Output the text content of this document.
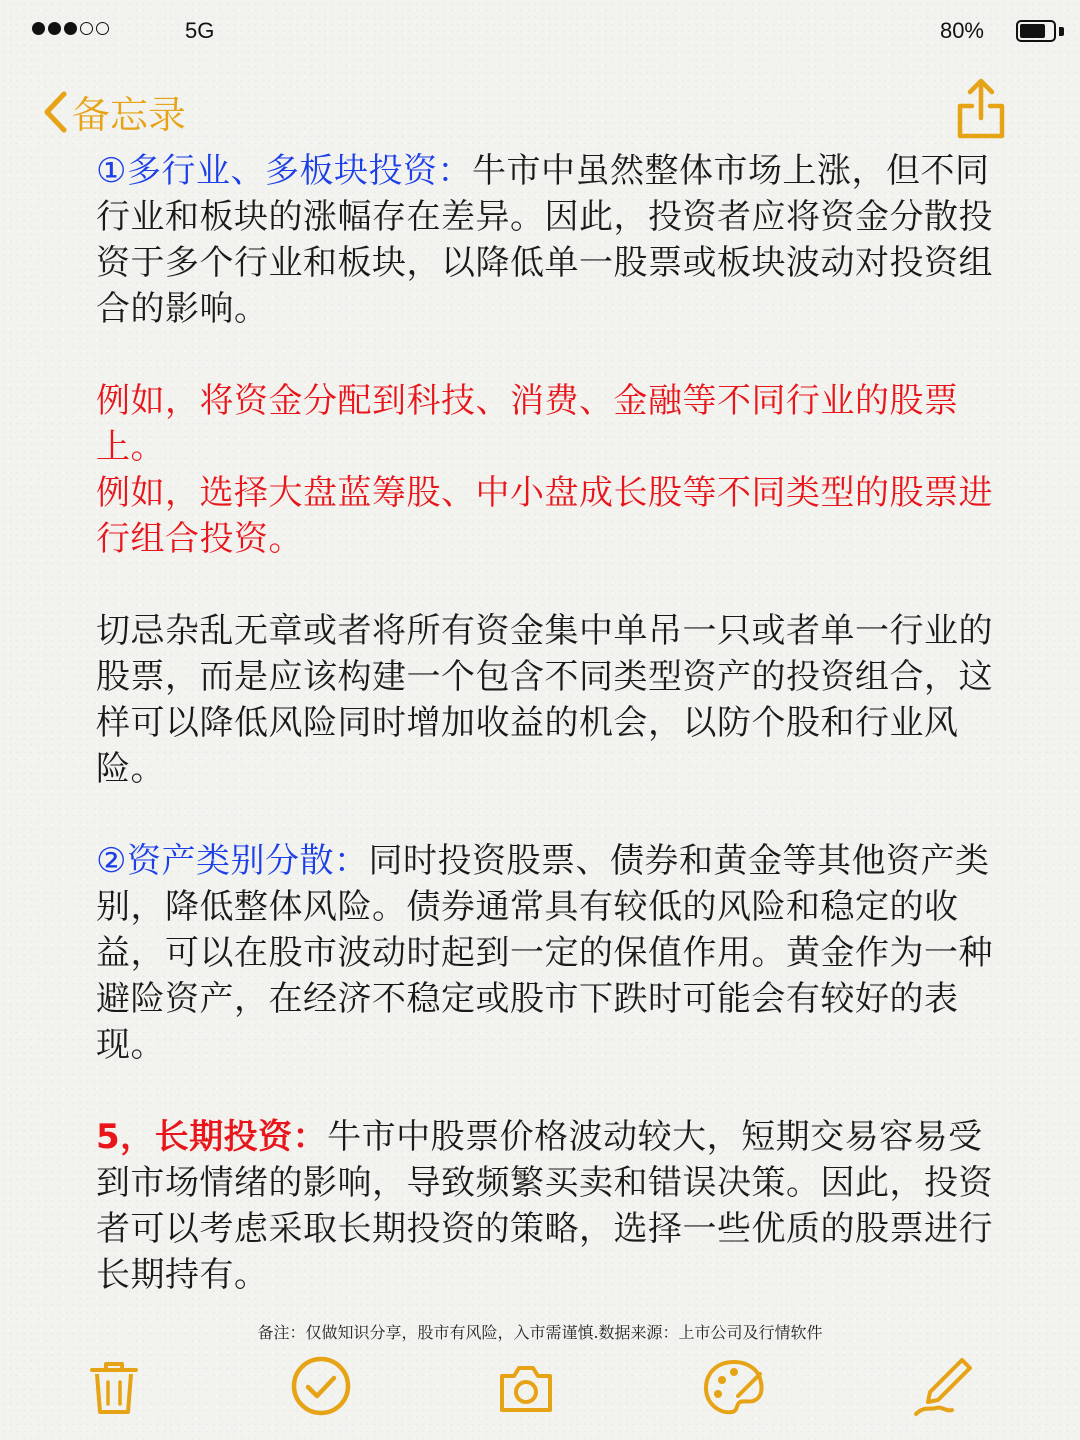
5G	80%
备忘录

①多行业、多板块投资：牛市中虽然整体市场上涨，但不同行业和板块的涨幅存在差异。因此，投资者应将资金分散投资于多个行业和板块，以降低单一股票或板块波动对投资组合的影响。

例如，将资金分配到科技、消费、金融等不同行业的股票上。

例如，选择大盘蓝筹股、中小盘成长股等不同类型的股票进行组合投资。

切忌杂乱无章或者将所有资金集中单吊一只或者单一行业的股票，而是应该构建一个包含不同类型资产的投资组合，这样可以降低风险同时增加收益的机会，以防个股和行业风险。

②资产类别分散：同时投资股票、债券和黄金等其他资产类别，降低整体风险。债券通常具有较低的风险和稳定的收益，可以在股市波动时起到一定的保值作用。黄金作为一种避险资产，在经济不稳定或股市下跌时可能会有较好的表现。

5，长期投资：牛市中股票价格波动较大，短期交易容易受到市场情绪的影响，导致频繁买卖和错误决策。因此，投资者可以考虑采取长期投资的策略，选择一些优质的股票进行长期持有。

备注：仅做知识分享，股市有风险，入市需谨慎.数据来源：上市公司及行情软件
